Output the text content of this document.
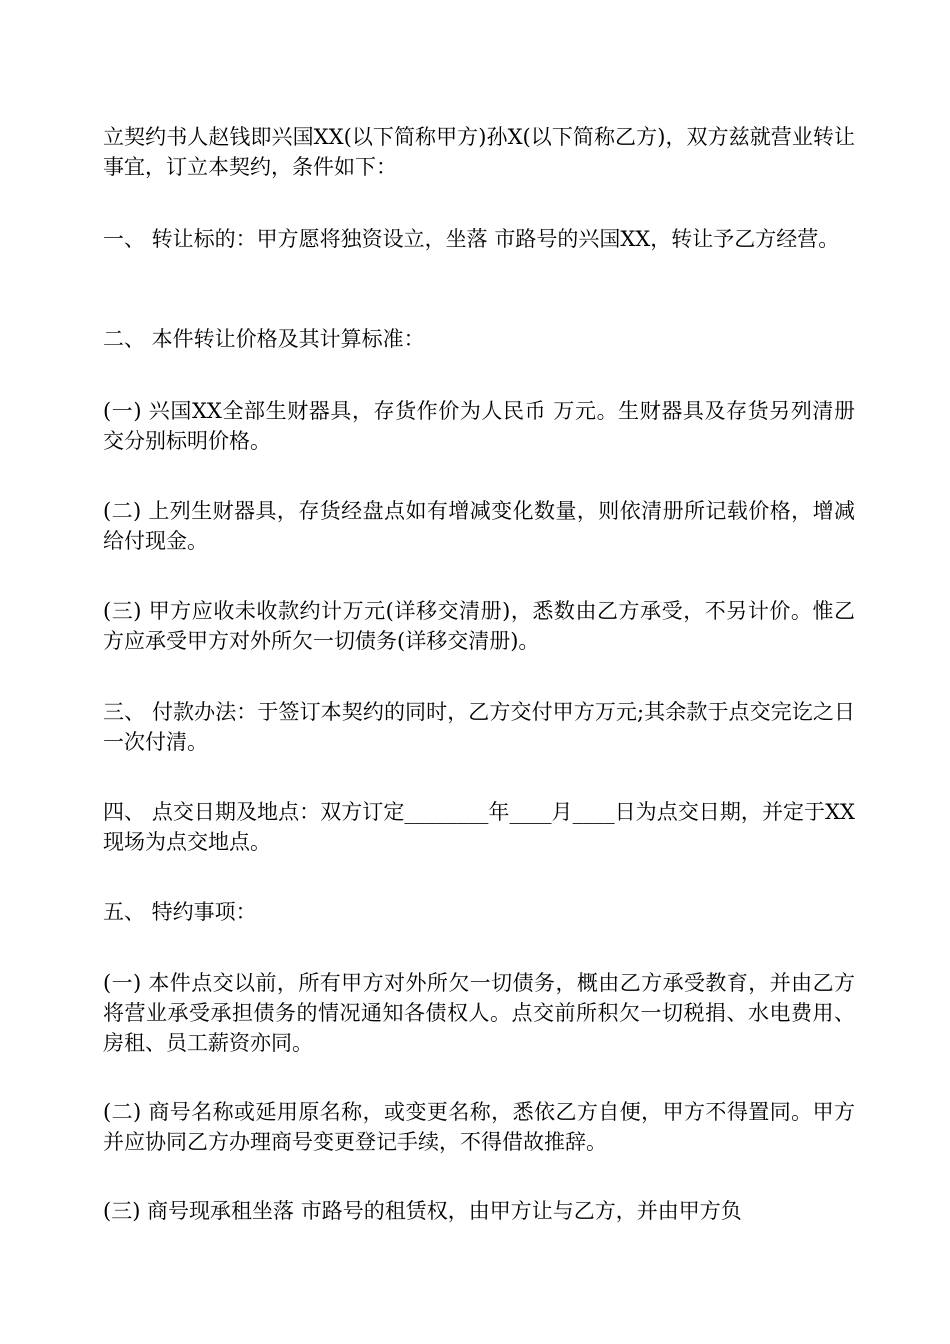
立契约书人赵钱即兴国XX(以下简称甲方)孙X(以下简称乙方)，双方兹就营业转让事宜，订立本契约，条件如下：

一、 转让标的：甲方愿将独资设立，坐落 市路号的兴国XX，转让予乙方经营。

二、 本件转让价格及其计算标准：

(一) 兴国XX全部生财器具，存货作价为人民币 万元。生财器具及存货另列清册交分别标明价格。

(二) 上列生财器具，存货经盘点如有增减变化数量，则依清册所记载价格，增减给付现金。

(三) 甲方应收未收款约计万元(详移交清册)，悉数由乙方承受，不另计价。惟乙方应承受甲方对外所欠一切债务(详移交清册)。

三、 付款办法：于签订本契约的同时，乙方交付甲方万元;其余款于点交完讫之日一次付清。

四、 点交日期及地点：双方订定________年____月____日为点交日期，并定于XX现场为点交地点。

五、 特约事项：

(一) 本件点交以前，所有甲方对外所欠一切债务，概由乙方承受教育，并由乙方将营业承受承担债务的情况通知各债权人。点交前所积欠一切税捐、水电费用、房租、员工薪资亦同。

(二) 商号名称或延用原名称，或变更名称，悉依乙方自便，甲方不得置同。甲方并应协同乙方办理商号变更登记手续，不得借故推辞。

(三) 商号现承租坐落 市路号的租赁权，由甲方让与乙方，并由甲方负
